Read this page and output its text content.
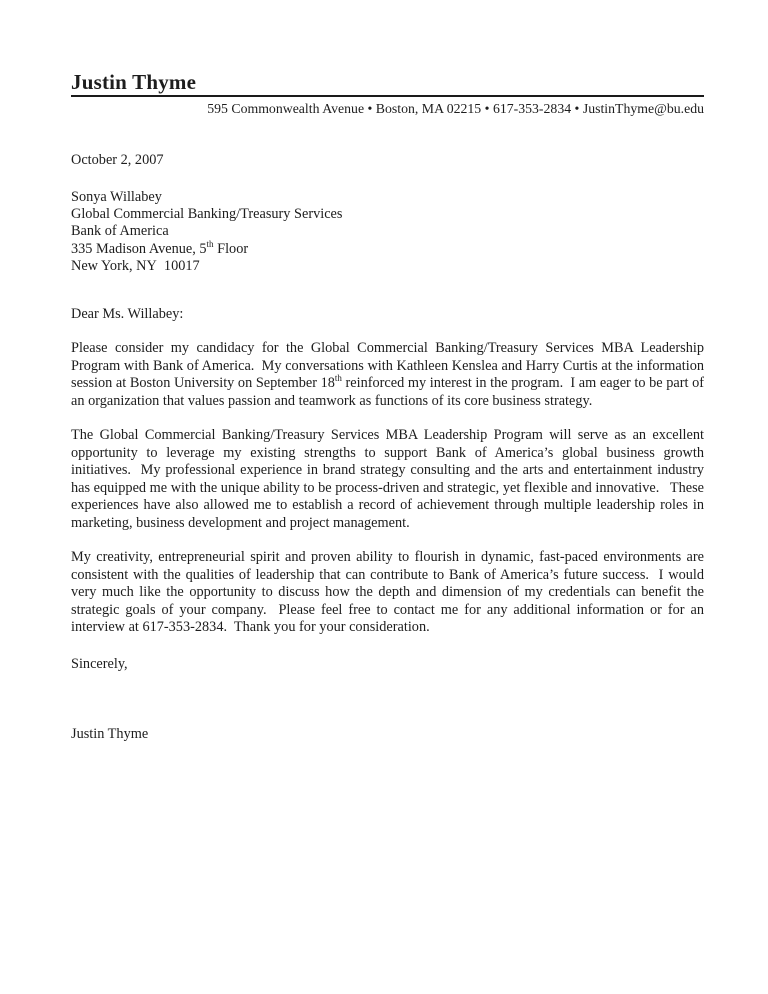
Justin Thyme
595 Commonwealth Avenue • Boston, MA 02215 • 617-353-2834 • JustinThyme@bu.edu
October 2, 2007
Sonya Willabey
Global Commercial Banking/Treasury Services
Bank of America
335 Madison Avenue, 5th Floor
New York, NY  10017
Dear Ms. Willabey:

Please consider my candidacy for the Global Commercial Banking/Treasury Services MBA Leadership Program with Bank of America.  My conversations with Kathleen Kenslea and Harry Curtis at the information session at Boston University on September 18th reinforced my interest in the program.  I am eager to be part of an organization that values passion and teamwork as functions of its core business strategy.

The Global Commercial Banking/Treasury Services MBA Leadership Program will serve as an excellent opportunity to leverage my existing strengths to support Bank of America’s global business growth initiatives.  My professional experience in brand strategy consulting and the arts and entertainment industry has equipped me with the unique ability to be process-driven and strategic, yet flexible and innovative.   These experiences have also allowed me to establish a record of achievement through multiple leadership roles in marketing, business development and project management.

My creativity, entrepreneurial spirit and proven ability to flourish in dynamic, fast-paced environments are consistent with the qualities of leadership that can contribute to Bank of America’s future success.  I would very much like the opportunity to discuss how the depth and dimension of my credentials can benefit the strategic goals of your company.  Please feel free to contact me for any additional information or for an interview at 617-353-2834.  Thank you for your consideration.

Sincerely,
Justin Thyme
